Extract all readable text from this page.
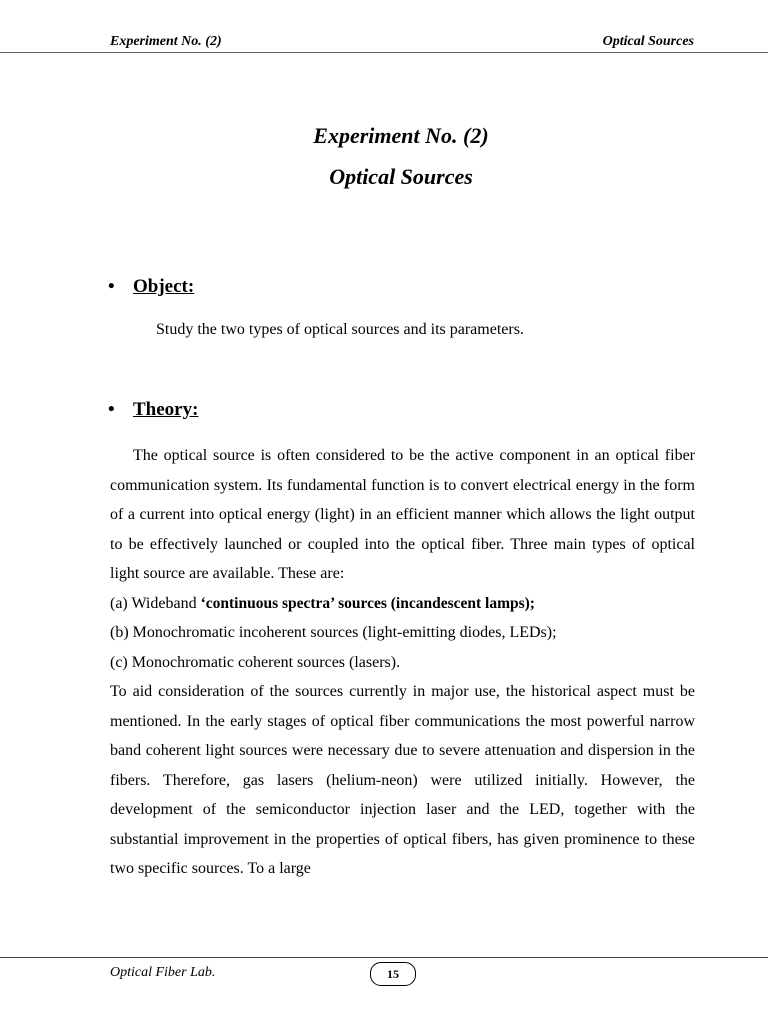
Experiment No. (2)	Optical Sources
Experiment No. (2)
Optical Sources
• Object:
Study the two types of optical sources and its parameters.
• Theory:

The optical source is often considered to be the active component in an optical fiber communication system. Its fundamental function is to convert electrical energy in the form of a current into optical energy (light) in an efficient manner which allows the light output to be effectively launched or coupled into the optical fiber. Three main types of optical light source are available. These are:

(a) Wideband ‘continuous spectra’ sources (incandescent lamps);

(b) Monochromatic incoherent sources (light-emitting diodes, LEDs);

(c) Monochromatic coherent sources (lasers).

To aid consideration of the sources currently in major use, the historical aspect must be mentioned. In the early stages of optical fiber communications the most powerful narrow band coherent light sources were necessary due to severe attenuation and dispersion in the fibers. Therefore, gas lasers (helium-neon) were utilized initially. However, the development of the semiconductor injection laser and the LED, together with the substantial improvement in the properties of optical fibers, has given prominence to these two specific sources. To a large

Optical Fiber Lab.	15
